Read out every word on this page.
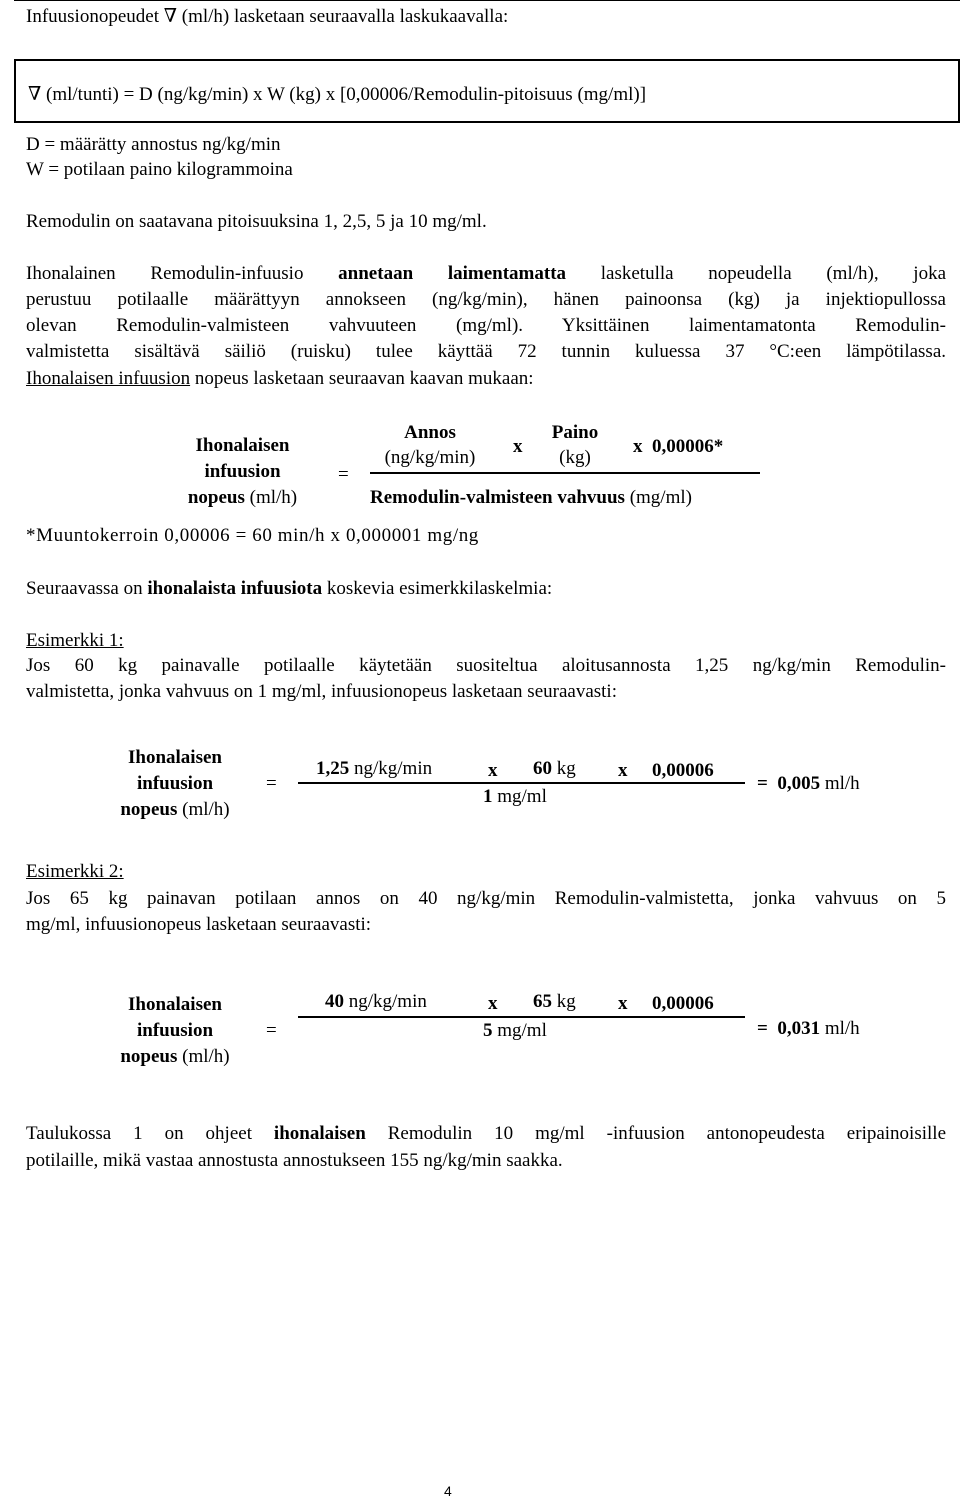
Infuusionopeudet ∇ (ml/h) lasketaan seuraavalla laskukaavalla:
∇ (ml/tunti) = D (ng/kg/min) x W (kg) x [0,00006/Remodulin-pitoisuus (mg/ml)]
D = määrätty annostus ng/kg/min
W = potilaan paino kilogrammoina
Remodulin on saatavana pitoisuuksina 1, 2,5, 5 ja 10 mg/ml.
Ihonalainen Remodulin-infuusio annetaan laimentamatta lasketulla nopeudella (ml/h), joka
perustuu potilaalle määrättyyn annokseen (ng/kg/min), hänen painoonsa (kg) ja injektiopullossa
olevan Remodulin-valmisteen vahvuuteen (mg/ml). Yksittäinen laimentamatonta Remodulin-
valmistetta sisältävä säiliö (ruisku) tulee käyttää 72 tunnin kuluessa 37 °C:een lämpötilassa.
Ihonalaisen infuusion nopeus lasketaan seuraavan kaavan mukaan:
Ihonalaisen
infuusion
nopeus (ml/h)
=
Annos
(ng/kg/min)
x
Paino
(kg)
x  0,00006*
Remodulin-valmisteen vahvuus (mg/ml)
*Muuntokerroin 0,00006 = 60 min/h x 0,000001 mg/ng
Seuraavassa on ihonalaista infuusiota koskevia esimerkkilaskelmia:
Esimerkki 1:
Jos 60 kg painavalle potilaalle käytetään suositeltua aloitusannosta 1,25 ng/kg/min Remodulin-
valmistetta, jonka vahvuus on 1 mg/ml, infuusionopeus lasketaan seuraavasti:
Ihonalaisen
infuusion
nopeus (ml/h)
=
1,25 ng/kg/min	x 60 kg x 0,00006
1 mg/ml
= 0,005 ml/h
Esimerkki 2:
Jos 65 kg painavan potilaan annos on 40 ng/kg/min Remodulin-valmistetta, jonka vahvuus on 5
mg/ml, infuusionopeus lasketaan seuraavasti:
Ihonalaisen
infuusion
nopeus (ml/h)
=
40 ng/kg/min	x 65 kg x 0,00006
5 mg/ml	= 0,031 ml/h
Taulukossa 1 on ohjeet ihonalaisen Remodulin 10 mg/ml -infuusion antonopeudesta eripainoisille
potilaille, mikä vastaa annostusta annostukseen 155 ng/kg/min saakka.
4
